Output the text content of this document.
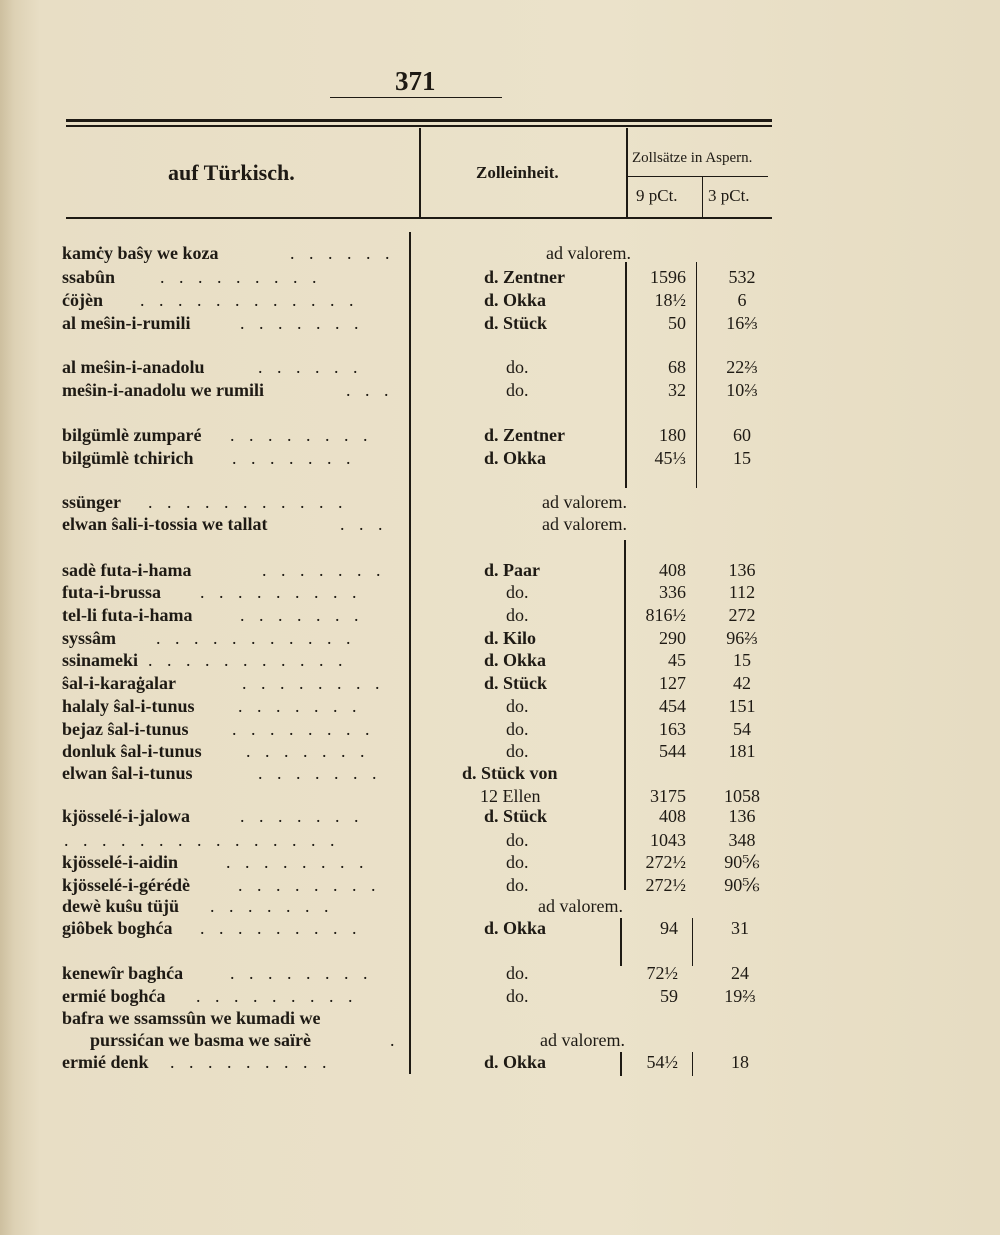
371
auf Türkisch.	Zolleinheit.
Zollsätze in Aspern.
9 pCt. 3 pCt.
kamċy baŝy we koza	. . . . . .	ad valorem.
ssabûn . . . . . . . . .	d. Zentner	1596	532
ćöjèn . . . . . . . . . . . .	d. Okka	18½	6
al meŝin-i-rumili	. . . . . . .	d. Stück	50	16⅔
al meŝin-i-anadolu	. . . . . .	do.	68	22⅔
meŝin-i-anadolu we rumili	. . .	do.	32	10⅔
bilgümlè zumparé . . . . . . . .	d. Zentner	180	60
bilgümlè tchirich . . . . . . .	d. Okka	45⅓	15
ssünger . . . . . . . . . . .	ad valorem.
elwan ŝali-i-tossia we tallat	. . .	ad valorem.
sadè futa-i-hama	. . . . . . .	d. Paar	408	136
futa-i-brussa . . . . . . . . .	do.	336	112
tel-li futa-i-hama	. . . . . . .	do.	816½	272
syssâm . . . . . . . . . . .	d. Kilo	290	96⅔
ssinameki . . . . . . . . . . .	d. Okka	45	15
ŝal-i-karaġalar	. . . . . . . .	d. Stück	127	42
halaly ŝal-i-tunus . . . . . . .	do.	454	151
bejaz ŝal-i-tunus . . . . . . . .	do.	163	54
donluk ŝal-i-tunus . . . . . . .	do.	544	181
elwan ŝal-i-tunus	. . . . . . .	d. Stück von
12 Ellen	3175	1058
kjösselé-i-jalowa	. . . . . . .	d. Stück	408	136
. . . . . . . . . . . . . . .	do.	1043	348
kjösselé-i-aidin	. . . . . . . .	do.	272½	90⅚
kjösselé-i-gérédè	. . . . . . . .	do.	272½	90⅚
dewè kuŝu tüjü . . . . . . .	ad valorem.
giôbek boghća . . . . . . . . .	d. Okka	94	31
kenewîr baghća	. . . . . . . .	do.	72½	24
ermié boghća . . . . . . . . .	do.	59	19⅔
bafra we ssamssûn we kumadi we
purssićan we basma we saïrè	.	ad valorem.
ermié denk . . . . . . . . .	d. Okka	54½	18
